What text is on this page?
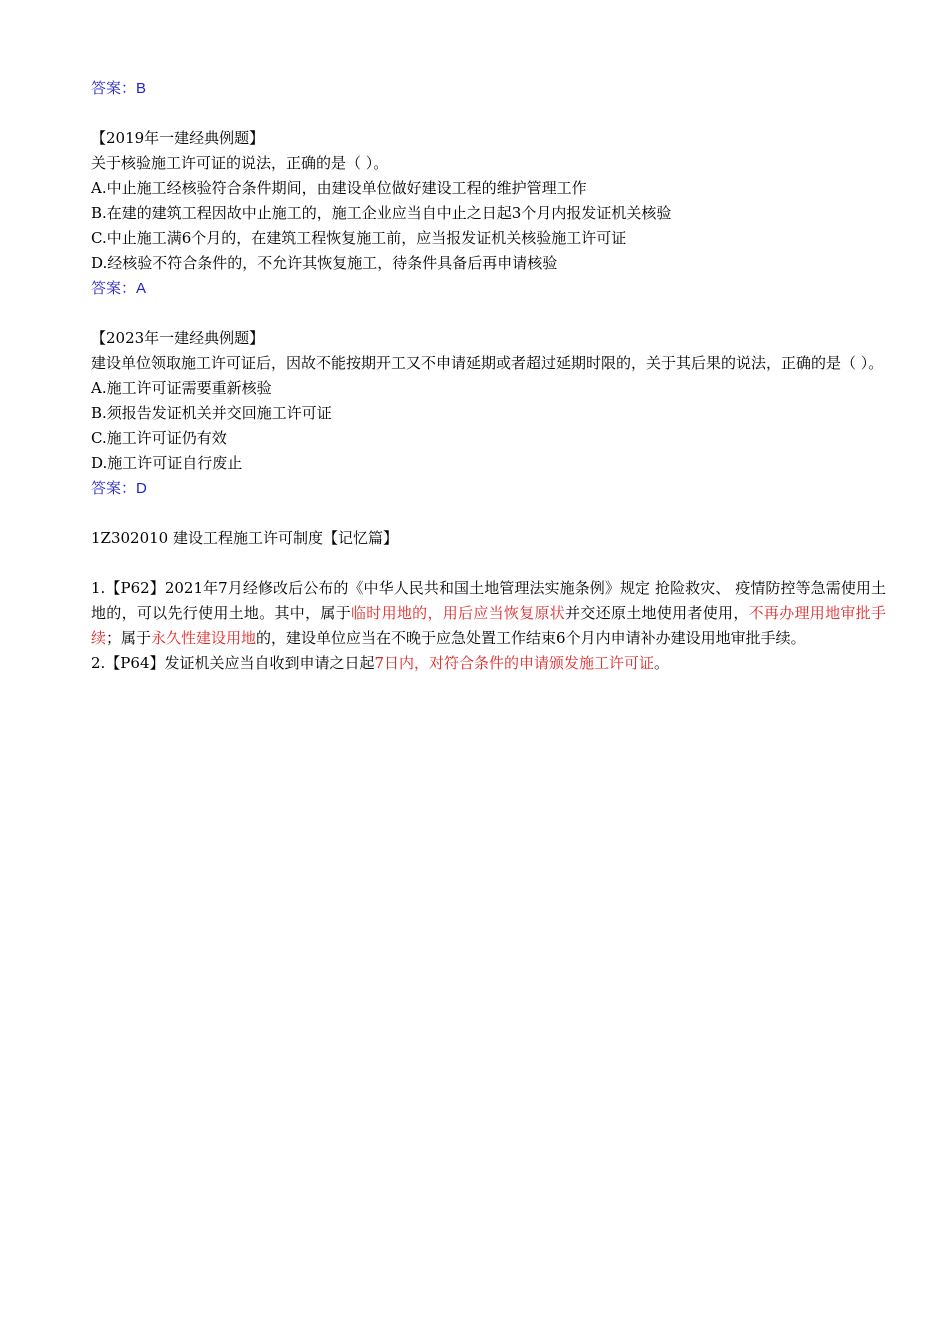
答案：B

【2019年一建经典例题】

关于核验施工许可证的说法，正确的是（ ）。

A.中止施工经核验符合条件期间，由建设单位做好建设工程的维护管理工作

B.在建的建筑工程因故中止施工的，施工企业应当自中止之日起3个月内报发证机关核验

C.中止施工满6个月的，在建筑工程恢复施工前，应当报发证机关核验施工许可证

D.经核验不符合条件的，不允许其恢复施工，待条件具备后再申请核验

答案：A

【2023年一建经典例题】

建设单位领取施工许可证后，因故不能按期开工又不申请延期或者超过延期时限的，关于其后果的说法，正确的是（ ）。

A.施工许可证需要重新核验

B.须报告发证机关并交回施工许可证

C.施工许可证仍有效

D.施工许可证自行废止

答案：D

1Z302010 建设工程施工许可制度【记忆篇】

1.【P62】2021年7月经修改后公布的《中华人民共和国土地管理法实施条例》规定 抢险救灾、 疫情防控等急需使用土地的，可以先行使用土地。其中，属于临时用地的，用后应当恢复原状并交还原土地使用者使用，不再办理用地审批手续；属于永久性建设用地的，建设单位应当在不晚于应急处置工作结束6个月内申请补办建设用地审批手续。

2.【P64】发证机关应当自收到申请之日起7日内，对符合条件的申请颁发施工许可证。
